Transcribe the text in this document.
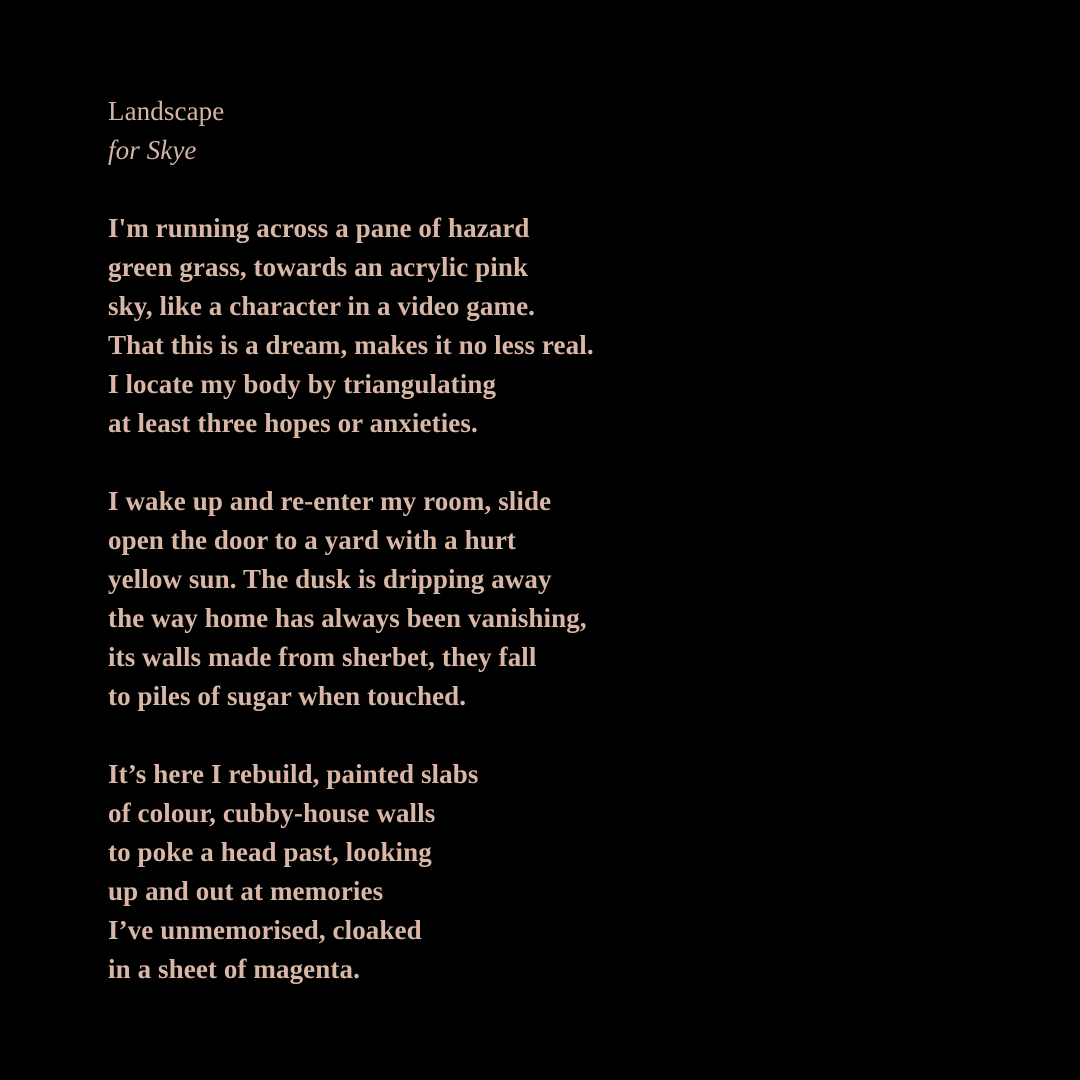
Landscape
for Skye
I'm running across a pane of hazard
green grass, towards an acrylic pink
sky, like a character in a video game.
That this is a dream, makes it no less real.
I locate my body by triangulating
at least three hopes or anxieties.
I wake up and re-enter my room, slide
open the door to a yard with a hurt
yellow sun. The dusk is dripping away
the way home has always been vanishing,
its walls made from sherbet, they fall
to piles of sugar when touched.
It’s here I rebuild, painted slabs
of colour, cubby-house walls
to poke a head past, looking
up and out at memories
I’ve unmemorised, cloaked
in a sheet of magenta.
